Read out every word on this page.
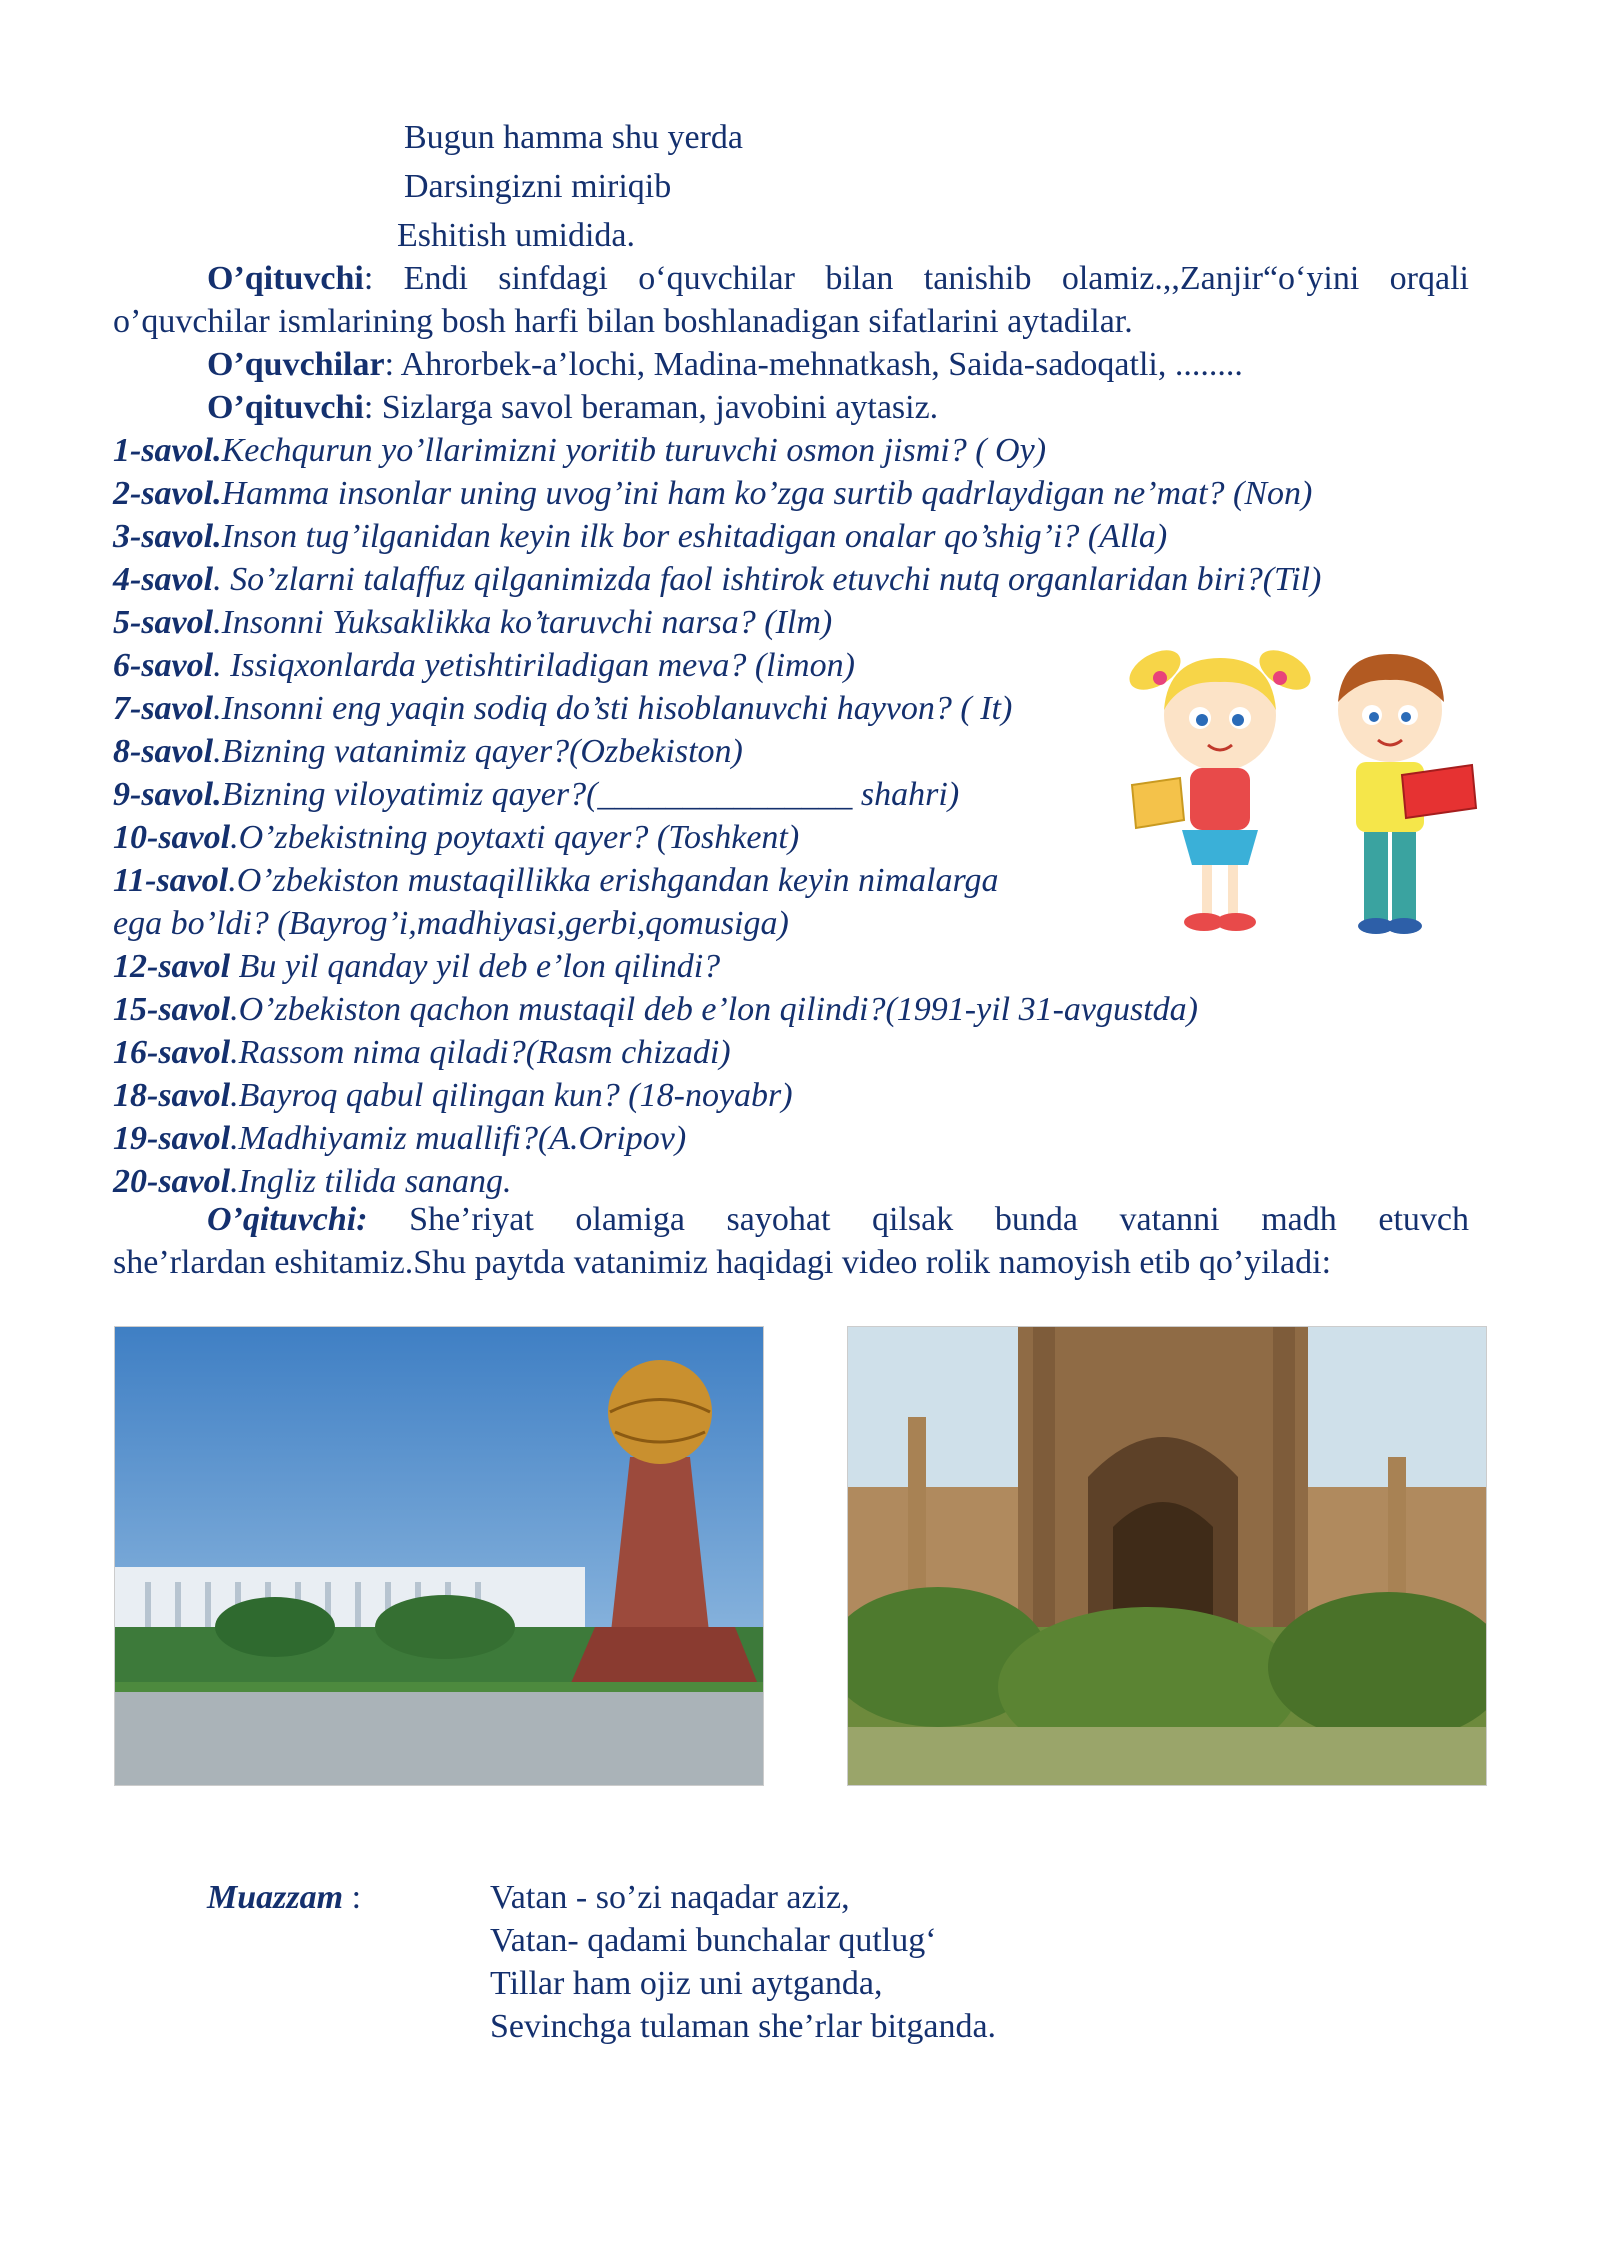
Bugun hamma shu yerda
Darsingizni miriqib
Eshitish umidida.
O’qituvchi: Endi sinfdagi o‘quvchilar bilan tanishib olamiz.,,Zanjir“o‘yini orqali
o’quvchilar ismlarining bosh harfi bilan boshlanadigan sifatlarini aytadilar.
O’quvchilar: Ahrorbek-a’lochi, Madina-mehnatkash, Saida-sadoqatli, ........
O’qituvchi: Sizlarga savol beraman, javobini aytasiz.
1-savol.Kechqurun yo’llarimizni yoritib turuvchi osmon jismi? ( Oy)
2-savol.Hamma insonlar uning uvog’ini ham ko’zga surtib qadrlaydigan ne’mat? (Non)
3-savol.Inson tug’ilganidan keyin ilk bor eshitadigan onalar qo’shig’i? (Alla)
4-savol. So’zlarni talaffuz qilganimizda faol ishtirok etuvchi nutq organlaridan biri?(Til)
5-savol.Insonni Yuksaklikka ko’taruvchi narsa? (Ilm)
6-savol. Issiqxonlarda yetishtiriladigan meva? (limon)
7-savol.Insonni eng yaqin sodiq do’sti hisoblanuvchi hayvon? ( It)
8-savol.Bizning vatanimiz qayer?(Ozbekiston)
9-savol.Bizning viloyatimiz qayer?(_______________ shahri)
10-savol.O’zbekistning poytaxti qayer? (Toshkent)
11-savol.O’zbekiston mustaqillikka erishgandan keyin nimalarga
ega bo’ldi? (Bayrog’i,madhiyasi,gerbi,qomusiga)
12-savol Bu yil qanday yil deb e’lon qilindi?
15-savol.O’zbekiston qachon mustaqil deb e’lon qilindi?(1991-yil 31-avgustda)
16-savol.Rassom nima qiladi?(Rasm chizadi)
18-savol.Bayroq qabul qilingan kun? (18-noyabr)
19-savol.Madhiyamiz muallifi?(A.Oripov)
20-savol.Ingliz tilida sanang.
O’qituvchi: She’riyat olamiga sayohat qilsak bunda vatanni madh etuvch
she’rlardan eshitamiz.Shu paytda vatanimiz haqidagi video rolik namoyish etib qo’yiladi:
Muazzam :	Vatan - so’zi naqadar aziz,
Vatan- qadami bunchalar qutlug‘
Tillar ham ojiz uni aytganda,
Sevinchga tulaman she’rlar bitganda.
